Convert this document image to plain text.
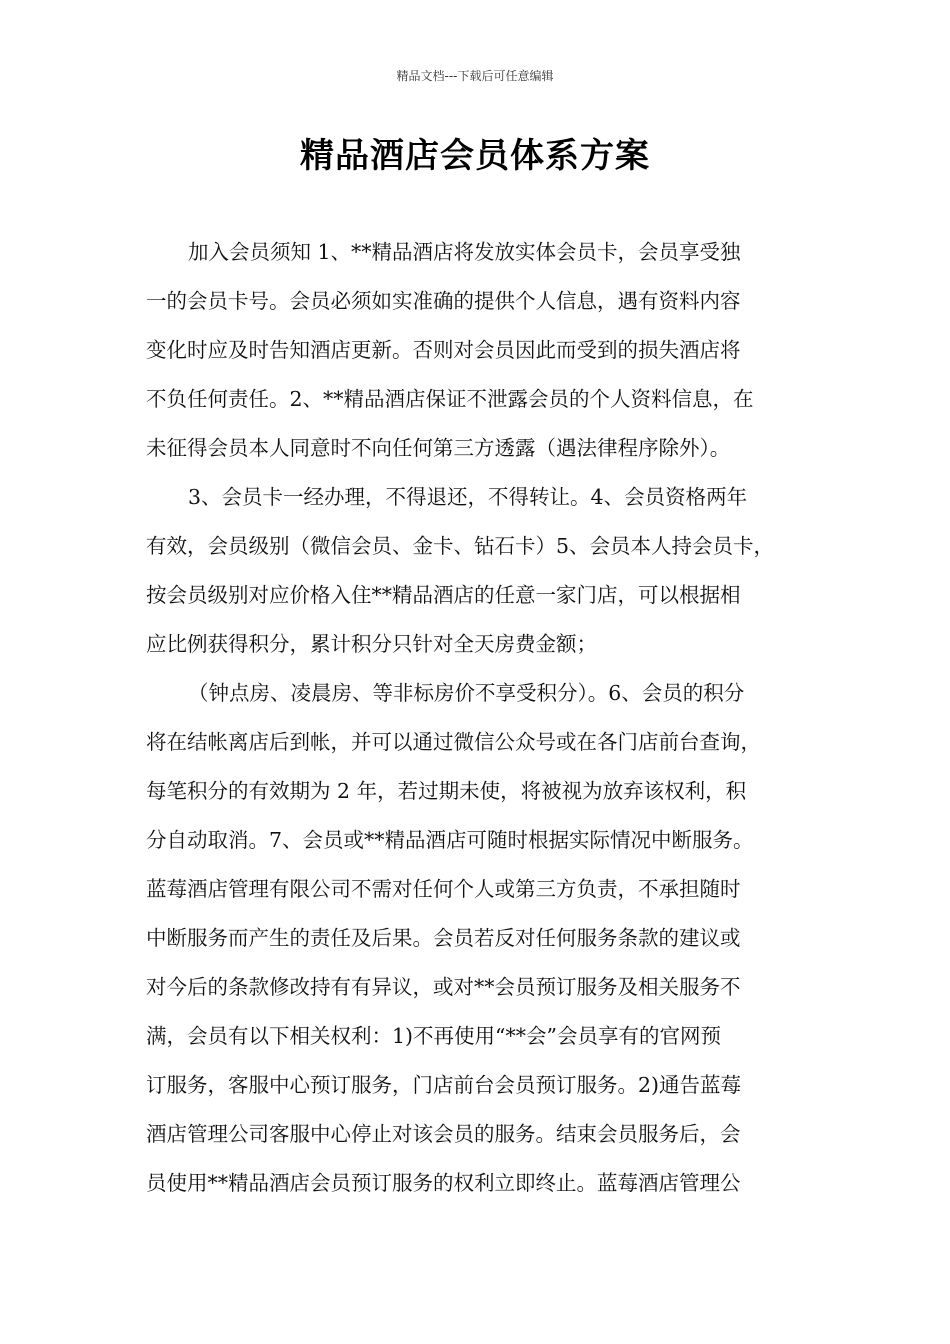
精品文档---下载后可任意编辑
精品酒店会员体系方案
加入会员须知 1、**精品酒店将发放实体会员卡，会员享受独
一的会员卡号。会员必须如实准确的提供个人信息，遇有资料内容
变化时应及时告知酒店更新。否则对会员因此而受到的损失酒店将
不负任何责任。2、**精品酒店保证不泄露会员的个人资料信息，在
未征得会员本人同意时不向任何第三方透露（遇法律程序除外）。
3、会员卡一经办理，不得退还，不得转让。4、会员资格两年
有效，会员级别（微信会员、金卡、钻石卡）5、会员本人持会员卡，
按会员级别对应价格入住**精品酒店的任意一家门店，可以根据相
应比例获得积分，累计积分只针对全天房费金额；
（钟点房、凌晨房、等非标房价不享受积分）。6、会员的积分
将在结帐离店后到帐，并可以通过微信公众号或在各门店前台查询，
每笔积分的有效期为 2 年，若过期未使，将被视为放弃该权利，积
分自动取消。7、会员或**精品酒店可随时根据实际情况中断服务。
蓝莓酒店管理有限公司不需对任何个人或第三方负责，不承担随时
中断服务而产生的责任及后果。会员若反对任何服务条款的建议或
对今后的条款修改持有有异议，或对**会员预订服务及相关服务不
满，会员有以下相关权利：1)不再使用“**会”会员享有的官网预
订服务，客服中心预订服务，门店前台会员预订服务。2)通告蓝莓
酒店管理公司客服中心停止对该会员的服务。结束会员服务后，会
员使用**精品酒店会员预订服务的权利立即终止。蓝莓酒店管理公
